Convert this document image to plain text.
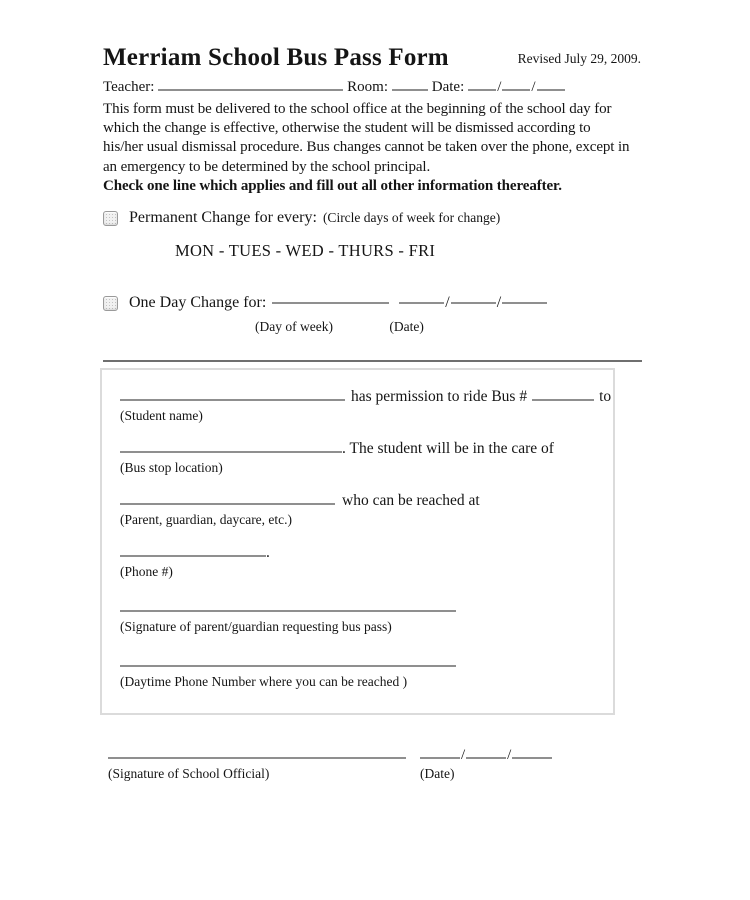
Merriam School Bus Pass Form	Revised July 29, 2009.
Teacher:	Room:	Date: / /
This form must be delivered to the school office at the beginning of the school day for
which the change is effective, otherwise the student will be dismissed according to
his/her usual dismissal procedure. Bus changes cannot be taken over the phone, except in
an emergency to be determined by the school principal.
Check one line which applies and fill out all other information thereafter.
Permanent Change for every: (Circle days of week for change)
MON - TUES - WED - THURS - FRI
One Day Change for:	/	/
(Day of week)	(Date)
has permission to ride Bus #	to
(Student name)
. The student will be in the care of
(Bus stop location)
who can be reached at
(Parent, guardian, daycare, etc.)
.
(Phone #)
(Signature of parent/guardian requesting bus pass)
(Daytime Phone Number where you can be reached )
/	/
(Signature of School Official)	(Date)
